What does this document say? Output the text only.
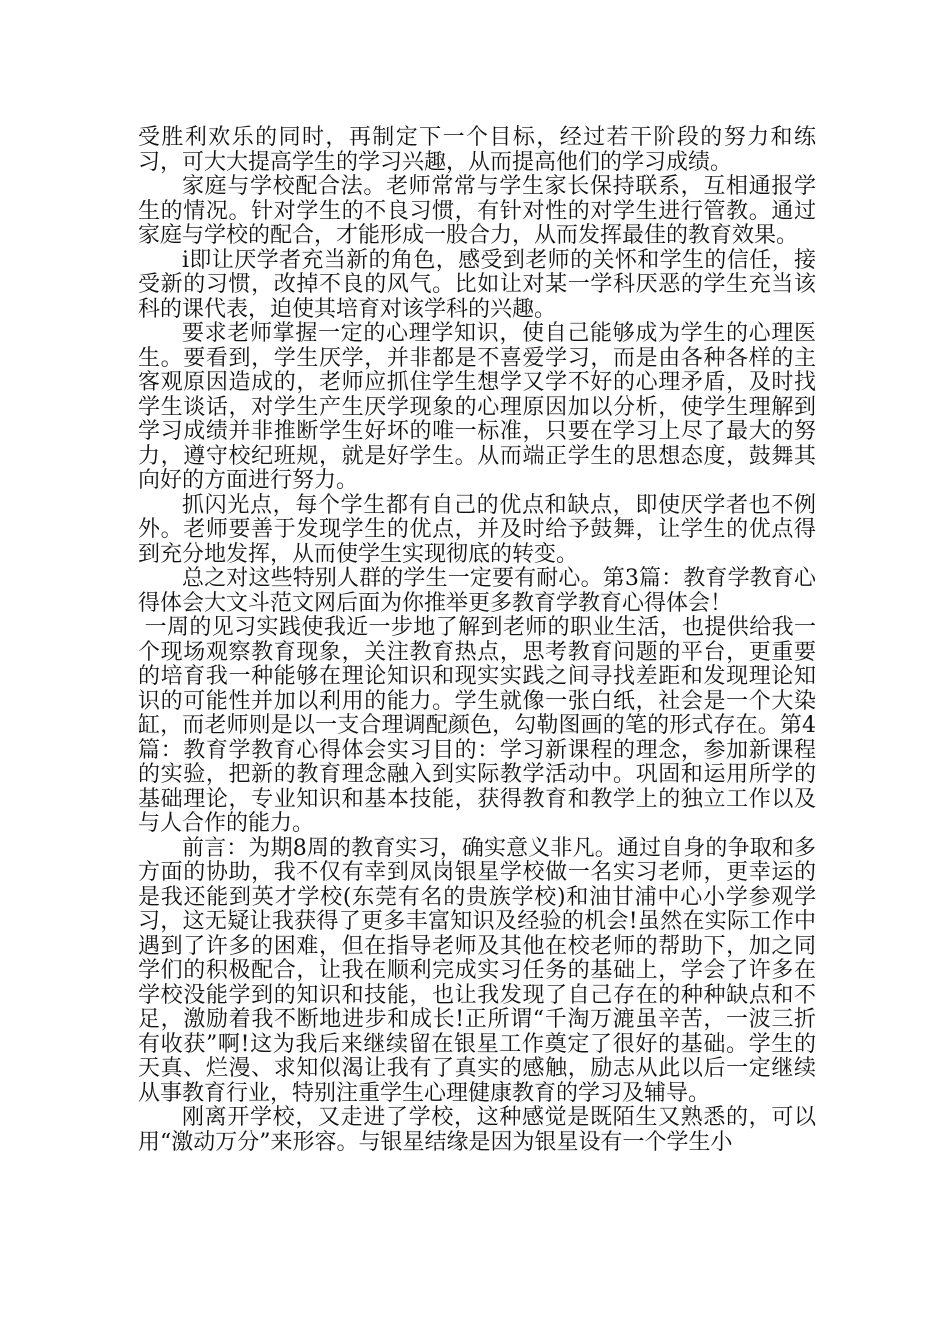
受胜利欢乐的同时，再制定下一个目标，经过若干阶段的努力和练习，可大大提高学生的学习兴趣，从而提高他们的学习成绩。

家庭与学校配合法。老师常常与学生家长保持联系，互相通报学生的情况。针对学生的不良习惯，有针对性的对学生进行管教。通过家庭与学校的配合，才能形成一股合力，从而发挥最佳的教育效果。

i即让厌学者充当新的角色，感受到老师的关怀和学生的信任，接受新的习惯，改掉不良的风气。比如让对某一学科厌恶的学生充当该科的课代表，迫使其培育对该学科的兴趣。

要求老师掌握一定的心理学知识，使自己能够成为学生的心理医生。要看到，学生厌学，并非都是不喜爱学习，而是由各种各样的主客观原因造成的，老师应抓住学生想学又学不好的心理矛盾，及时找学生谈话，对学生产生厌学现象的心理原因加以分析，使学生理解到学习成绩并非推断学生好坏的唯一标准，只要在学习上尽了最大的努力，遵守校纪班规，就是好学生。从而端正学生的思想态度，鼓舞其向好的方面进行努力。

抓闪光点，每个学生都有自己的优点和缺点，即使厌学者也不例外。老师要善于发现学生的优点，并及时给予鼓舞，让学生的优点得到充分地发挥，从而使学生实现彻底的转变。

总之对这些特别人群的学生一定要有耐心。第3篇：教育学教育心得体会大文斗范文网后面为你推举更多教育学教育心得体会！

一周的见习实践使我近一步地了解到老师的职业生活，也提供给我一个现场观察教育现象，关注教育热点，思考教育问题的平台，更重要的培育我一种能够在理论知识和现实实践之间寻找差距和发现理论知识的可能性并加以利用的能力。学生就像一张白纸，社会是一个大染缸，而老师则是以一支合理调配颜色，勾勒图画的笔的形式存在。第4篇：教育学教育心得体会实习目的：学习新课程的理念，参加新课程的实验，把新的教育理念融入到实际教学活动中。巩固和运用所学的基础理论，专业知识和基本技能，获得教育和教学上的独立工作以及与人合作的能力。

前言：为期8周的教育实习，确实意义非凡。通过自身的争取和多方面的协助，我不仅有幸到凤岗银星学校做一名实习老师，更幸运的是我还能到英才学校(东莞有名的贵族学校)和油甘浦中心小学参观学习，这无疑让我获得了更多丰富知识及经验的机会!虽然在实际工作中遇到了许多的困难，但在指导老师及其他在校老师的帮助下，加之同学们的积极配合，让我在顺利完成实习任务的基础上，学会了许多在学校没能学到的知识和技能，也让我发现了自己存在的种种缺点和不足，激励着我不断地进步和成长!正所谓“千淘万漉虽辛苦，一波三折有收获”啊!这为我后来继续留在银星工作奠定了很好的基础。学生的天真、烂漫、求知似渴让我有了真实的感触，励志从此以后一定继续从事教育行业，特别注重学生心理健康教育的学习及辅导。

刚离开学校，又走进了学校，这种感觉是既陌生又熟悉的，可以用“激动万分”来形容。与银星结缘是因为银星设有一个学生小
